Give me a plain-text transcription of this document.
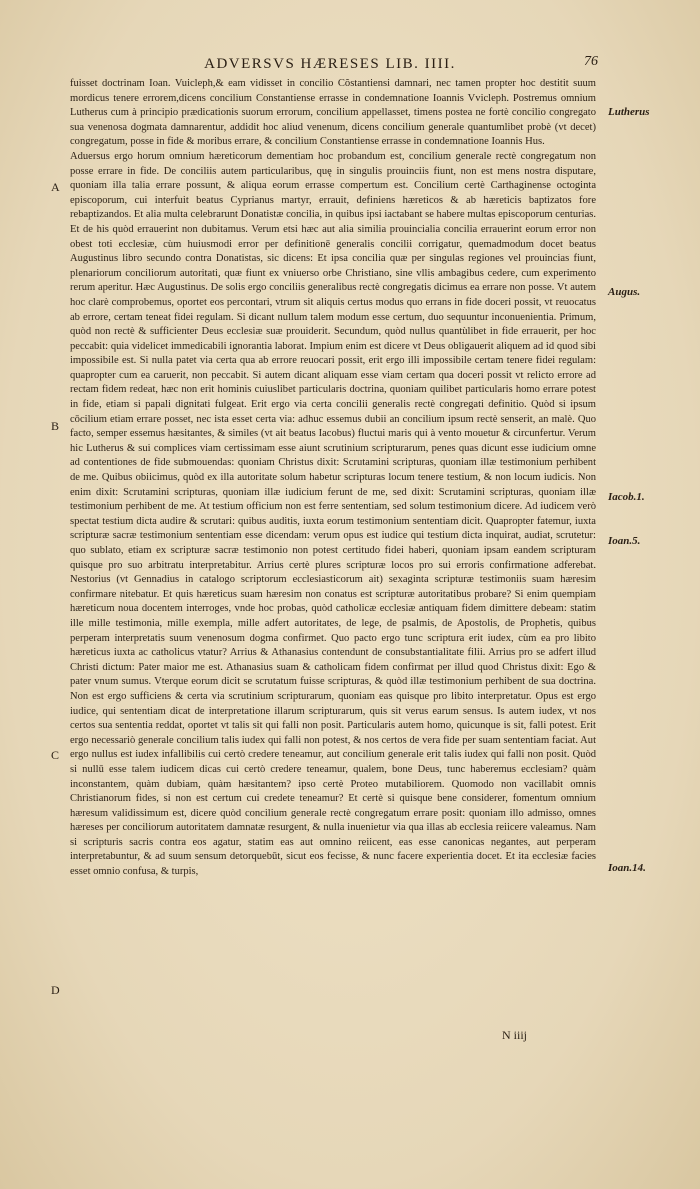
ADVERSVS HÆRESES LIB. IIII.	76
A
B
C
D
Lutherus
Augus.
Iacob.1.
Ioan.5.
Ioan.14.

fuisset doctrinam Ioan. Vuicleph,& eam vidisset in concilio Cõstantiensi damnari, nec tamen propter hoc destitit suum mordicus tenere errorem,dicens concilium Constantiense errasse in condemnatione Ioannis Vvicleph. Postremus omnium Lutherus cum à principio prædicationis suorum errorum, concilium appellasset, timens postea ne fortè concilio congregato sua venenosa dogmata damnarentur, addidit hoc aliud venenum, dicens concilium generale quantumlibet probè (vt decet) congregatum, posse in fide & moribus errare, & concilium Constantiense errasse in condemnatione Ioannis Hus.

Aduersus ergo horum omnium hæreticorum dementiam hoc probandum est, concilium generale rectè congregatum non posse errare in fide. De conciliis autem particularibus, quę in singulis prouinciis fiunt, non est mens nostra disputare, quoniam illa talia errare possunt, & aliqua eorum errasse compertum est. Concilium certè Carthaginense octoginta episcoporum, cui interfuit beatus Cyprianus martyr, errauit, definiens hæreticos & ab hæreticis baptizatos fore rebaptizandos. Et alia multa celebrarunt Donatistæ concilia, in quibus ipsi iactabant se habere multas episcoporum centurias. Et de his quòd errauerint non dubitamus. Verum etsi hæc aut alia similia prouincialia concilia errauerint eorum error non obest toti ecclesiæ, cùm huiusmodi error per definitionē generalis concilii corrigatur, quemadmodum docet beatus Augustinus libro secundo contra Donatistas, sic dicens: Et ipsa concilia quæ per singulas regiones vel prouincias fiunt, plenariorum conciliorum autoritati, quæ fiunt ex vniuerso orbe Christiano, sine vllis ambagibus cedere, cum experimento rerum aperitur. Hæc Augustinus. De solis ergo conciliis generalibus rectè congregatis dicimus ea errare non posse. Vt autem hoc clarè comprobemus, oportet eos percontari, vtrum sit aliquis certus modus quo errans in fide doceri possit, vt reuocatus ab errore, certam teneat fidei regulam. Si dicant nullum talem modum esse certum, duo sequuntur inconuenientia. Primum, quòd non rectè & sufficienter Deus ecclesiæ suæ prouiderit. Secundum, quòd nullus quantùlibet in fide errauerit, per hoc peccabit: quia videlicet immedicabili ignorantia laborat. Impium enim est dicere vt Deus obligauerit aliquem ad id quod sibi impossibile est. Si nulla patet via certa qua ab errore reuocari possit, erit ergo illi impossibile certam tenere fidei regulam: quapropter cum ea caruerit, non peccabit. Si autem dicant aliquam esse viam certam qua doceri possit vt relicto errore ad rectam fidem redeat, hæc non erit hominis cuiuslibet particularis doctrina, quoniam quilibet particularis homo errare potest in fide, etiam si papali dignitati fulgeat. Erit ergo via certa concilii generalis rectè congregati definitio. Quòd si ipsum cōcilium etiam errare posset, nec ista esset certa via: adhuc essemus dubii an concilium ipsum rectè senserit, an malè. Quo facto, semper essemus hæsitantes, & similes (vt ait beatus Iacobus) fluctui maris qui à vento mouetur & circunfertur. Verum hic Lutherus & sui complices viam certissimam esse aiunt scrutinium scripturarum, penes quas dicunt esse iudicium omne ad contentiones de fide submouendas: quoniam Christus dixit: Scrutamini scripturas, quoniam illæ testimonium perhibent de me. Quibus obiicimus, quòd ex illa autoritate solum habetur scripturas locum tenere testium, & non locum iudicis. Non enim dixit: Scrutamini scripturas, quoniam illæ iudicium ferunt de me, sed dixit: Scrutamini scripturas, quoniam illæ testimonium perhibent de me. At testium officium non est ferre sententiam, sed solum testimonium dicere. Ad iudicem verò spectat testium dicta audire & scrutari: quibus auditis, iuxta eorum testimonium sententiam dicit. Quapropter fatemur, iuxta scripturæ sacræ testimonium sententiam esse dicendam: verum opus est iudice qui testium dicta inquirat, audiat, scrutetur: quo sublato, etiam ex scripturæ sacræ testimonio non potest certitudo fidei haberi, quoniam ipsam eandem scripturam quisque pro suo arbitratu interpretabitur. Arrius certè plures scripturæ locos pro sui erroris confirmatione adferebat. Nestorius (vt Gennadius in catalogo scriptorum ecclesiasticorum ait) sexaginta scripturæ testimoniis suam hæresim confirmare nitebatur. Et quis hæreticus suam hæresim non conatus est scripturæ autoritatibus probare? Si enim quempiam hæreticum noua docentem interroges, vnde hoc probas, quòd catholicæ ecclesiæ antiquam fidem dimittere debeam: statim ille mille testimonia, mille exempla, mille adfert autoritates, de lege, de psalmis, de Apostolis, de Prophetis, quibus perperam interpretatis suum venenosum dogma confirmet. Quo pacto ergo tunc scriptura erit iudex, cùm ea pro libito hæreticus iuxta ac catholicus vtatur? Arrius & Athanasius contendunt de consubstantialitate filii. Arrius pro se adfert illud Christi dictum: Pater maior me est. Athanasius suam & catholicam fidem confirmat per illud quod Christus dixit: Ego & pater vnum sumus. Vterque eorum dicit se scrutatum fuisse scripturas, & quòd illæ testimonium perhibent de sua doctrina. Non est ergo sufficiens & certa via scrutinium scripturarum, quoniam eas quisque pro libito interpretatur. Opus est ergo iudice, qui sententiam dicat de interpretatione illarum scripturarum, quis sit verus earum sensus. Is autem iudex, vt nos certos sua sententia reddat, oportet vt talis sit qui falli non posit. Particularis autem homo, quicunque is sit, falli potest. Erit ergo necessariò generale concilium talis iudex qui falli non potest, & nos certos de vera fide per suam sententiam faciat. Aut ergo nullus est iudex infallibilis cui certò credere teneamur, aut concilium generale erit talis iudex qui falli non posit. Quòd si nullū esse talem iudicem dicas cui certò credere teneamur, qualem, bone Deus, tunc haberemus ecclesiam? quàm inconstantem, quàm dubiam, quàm hæsitantem? ipso certè Proteo mutabiliorem. Quomodo non vacillabit omnis Christianorum fides, si non est certum cui credete teneamur? Et certè si quisque bene considerer, fomentum omnium hæresum validissimum est, dicere quòd concilium generale rectè congregatum errare posit: quoniam illo admisso, omnes hæreses per conciliorum autoritatem damnatæ resurgent, & nulla inuenietur via qua illas ab ecclesia reiicere valeamus. Nam si scripturis sacris contra eos agatur, statim eas aut omnino reiicent, eas esse canonicas negantes, aut perperam interpretabuntur, & ad suum sensum detorquebūt, sicut eos fecisse, & nunc facere experientia docet. Et ita ecclesiæ facies esset omnio confusa, & turpis,

N iiij
